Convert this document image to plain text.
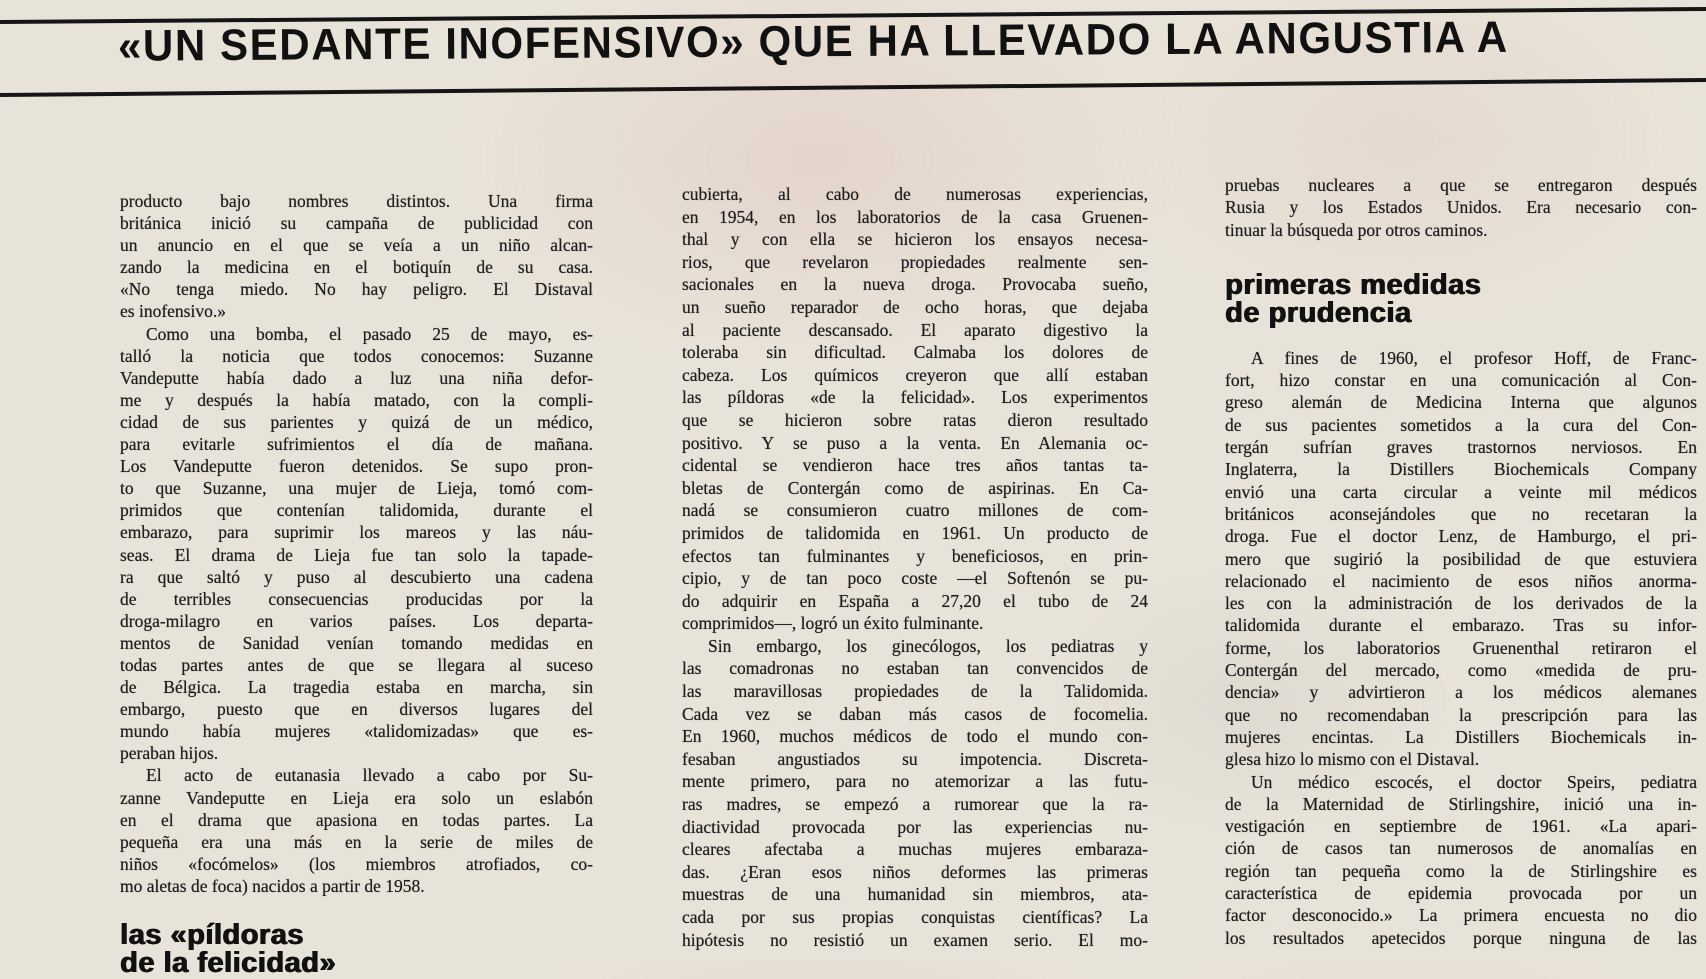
«UN SEDANTE INOFENSIVO» QUE HA LLEVADO LA ANGUSTIA A
producto bajo nombres distintos. Una firma
británica inició su campaña de publicidad con
un anuncio en el que se veía a un niño alcan-
zando la medicina en el botiquín de su casa.
«No tenga miedo. No hay peligro. El Distaval
es inofensivo.»
Como una bomba, el pasado 25 de mayo, es-
talló la noticia que todos conocemos: Suzanne
Vandeputte había dado a luz una niña defor-
me y después la había matado, con la compli-
cidad de sus parientes y quizá de un médico,
para evitarle sufrimientos el día de mañana.
Los Vandeputte fueron detenidos. Se supo pron-
to que Suzanne, una mujer de Lieja, tomó com-
primidos que contenían talidomida, durante el
embarazo, para suprimir los mareos y las náu-
seas. El drama de Lieja fue tan solo la tapade-
ra que saltó y puso al descubierto una cadena
de terribles consecuencias producidas por la
droga-milagro en varios países. Los departa-
mentos de Sanidad venían tomando medidas en
todas partes antes de que se llegara al suceso
de Bélgica. La tragedia estaba en marcha, sin
embargo, puesto que en diversos lugares del
mundo había mujeres «talidomizadas» que es-
peraban hijos.
El acto de eutanasia llevado a cabo por Su-
zanne Vandeputte en Lieja era solo un eslabón
en el drama que apasiona en todas partes. La
pequeña era una más en la serie de miles de
niños «focómelos» (los miembros atrofiados, co-
mo aletas de foca) nacidos a partir de 1958.
las «píldoras
de la felicidad»
cubierta, al cabo de numerosas experiencias,
en 1954, en los laboratorios de la casa Gruenen-
thal y con ella se hicieron los ensayos necesa-
rios, que revelaron propiedades realmente sen-
sacionales en la nueva droga. Provocaba sueño,
un sueño reparador de ocho horas, que dejaba
al paciente descansado. El aparato digestivo la
toleraba sin dificultad. Calmaba los dolores de
cabeza. Los químicos creyeron que allí estaban
las píldoras «de la felicidad». Los experimentos
que se hicieron sobre ratas dieron resultado
positivo. Y se puso a la venta. En Alemania oc-
cidental se vendieron hace tres años tantas ta-
bletas de Contergán como de aspirinas. En Ca-
nadá se consumieron cuatro millones de com-
primidos de talidomida en 1961. Un producto de
efectos tan fulminantes y beneficiosos, en prin-
cipio, y de tan poco coste —el Softenón se pu-
do adquirir en España a 27,20 el tubo de 24
comprimidos—, logró un éxito fulminante.
Sin embargo, los ginecólogos, los pediatras y
las comadronas no estaban tan convencidos de
las maravillosas propiedades de la Talidomida.
Cada vez se daban más casos de focomelia.
En 1960, muchos médicos de todo el mundo con-
fesaban angustiados su impotencia. Discreta-
mente primero, para no atemorizar a las futu-
ras madres, se empezó a rumorear que la ra-
diactividad provocada por las experiencias nu-
cleares afectaba a muchas mujeres embaraza-
das. ¿Eran esos niños deformes las primeras
muestras de una humanidad sin miembros, ata-
cada por sus propias conquistas científicas? La
hipótesis no resistió un examen serio. El mo-
pruebas nucleares a que se entregaron después
Rusia y los Estados Unidos. Era necesario con-
tinuar la búsqueda por otros caminos.
primeras medidas
de prudencia
A fines de 1960, el profesor Hoff, de Franc-
fort, hizo constar en una comunicación al Con-
greso alemán de Medicina Interna que algunos
de sus pacientes sometidos a la cura del Con-
tergán sufrían graves trastornos nerviosos. En
Inglaterra, la Distillers Biochemicals Company
envió una carta circular a veinte mil médicos
británicos aconsejándoles que no recetaran la
droga. Fue el doctor Lenz, de Hamburgo, el pri-
mero que sugirió la posibilidad de que estuviera
relacionado el nacimiento de esos niños anorma-
les con la administración de los derivados de la
talidomida durante el embarazo. Tras su infor-
forme, los laboratorios Gruenenthal retiraron el
Contergán del mercado, como «medida de pru-
dencia» y advirtieron a los médicos alemanes
que no recomendaban la prescripción para las
mujeres encintas. La Distillers Biochemicals in-
glesa hizo lo mismo con el Distaval.
Un médico escocés, el doctor Speirs, pediatra
de la Maternidad de Stirlingshire, inició una in-
vestigación en septiembre de 1961. «La apari-
ción de casos tan numerosos de anomalías en
región tan pequeña como la de Stirlingshire es
característica de epidemia provocada por un
factor desconocido.» La primera encuesta no dio
los resultados apetecidos porque ninguna de las
